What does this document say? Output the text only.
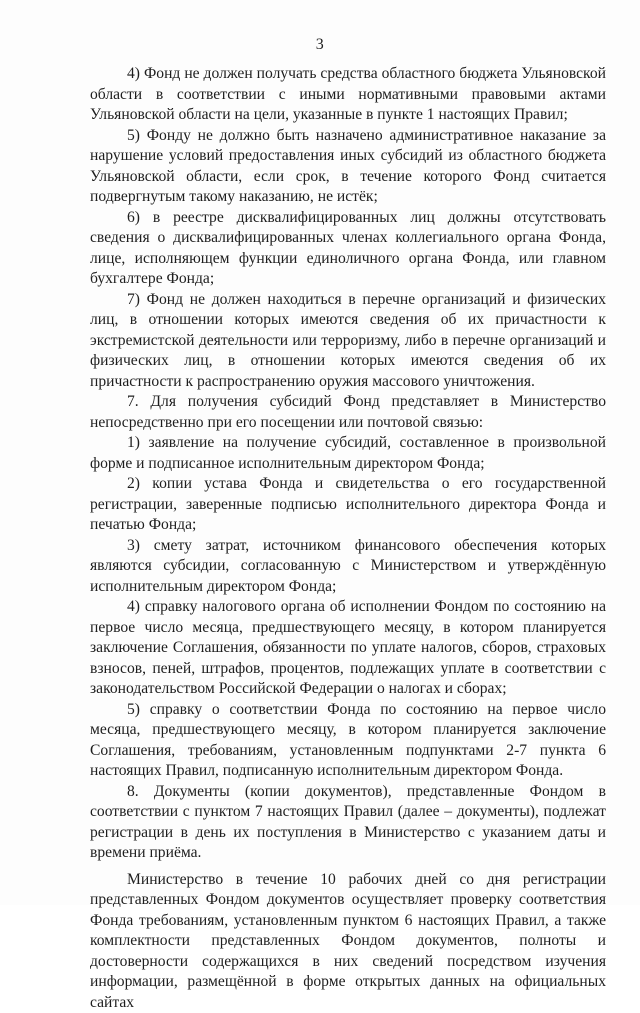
3

4) Фонд не должен получать средства областного бюджета Ульяновской области в соответствии с иными нормативными правовыми актами Ульяновской области на цели, указанные в пункте 1 настоящих Правил;

5) Фонду не должно быть назначено административное наказание за нарушение условий предоставления иных субсидий из областного бюджета Ульяновской области, если срок, в течение которого Фонд считается подвергнутым такому наказанию, не истёк;

6) в реестре дисквалифицированных лиц должны отсутствовать сведения о дисквалифицированных членах коллегиального органа Фонда, лице, исполняющем функции единоличного органа Фонда, или главном бухгалтере Фонда;

7) Фонд не должен находиться в перечне организаций и физических лиц, в отношении которых имеются сведения об их причастности к экстремистской деятельности или терроризму, либо в перечне организаций и физических лиц, в отношении которых имеются сведения об их причастности к распространению оружия массового уничтожения.

7. Для получения субсидий Фонд представляет в Министерство непосредственно при его посещении или почтовой связью:

1) заявление на получение субсидий, составленное в произвольной форме и подписанное исполнительным директором Фонда;

2) копии устава Фонда и свидетельства о его государственной регистрации, заверенные подписью исполнительного директора Фонда и печатью Фонда;

3) смету затрат, источником финансового обеспечения которых являются субсидии, согласованную с Министерством и утверждённую исполнительным директором Фонда;

4) справку налогового органа об исполнении Фондом по состоянию на первое число месяца, предшествующего месяцу, в котором планируется заключение Соглашения, обязанности по уплате налогов, сборов, страховых взносов, пеней, штрафов, процентов, подлежащих уплате в соответствии с законодательством Российской Федерации о налогах и сборах;

5) справку о соответствии Фонда по состоянию на первое число месяца, предшествующего месяцу, в котором планируется заключение Соглашения, требованиям, установленным подпунктами 2-7 пункта 6 настоящих Правил, подписанную исполнительным директором Фонда.

8. Документы (копии документов), представленные Фондом в соответствии с пунктом 7 настоящих Правил (далее – документы), подлежат регистрации в день их поступления в Министерство с указанием даты и времени приёма.

Министерство в течение 10 рабочих дней со дня регистрации представленных Фондом документов осуществляет проверку соответствия Фонда требованиям, установленным пунктом 6 настоящих Правил, а также комплектности представленных Фондом документов, полноты и достоверности содержащихся в них сведений посредством изучения информации, размещённой в форме открытых данных на официальных сайтах
